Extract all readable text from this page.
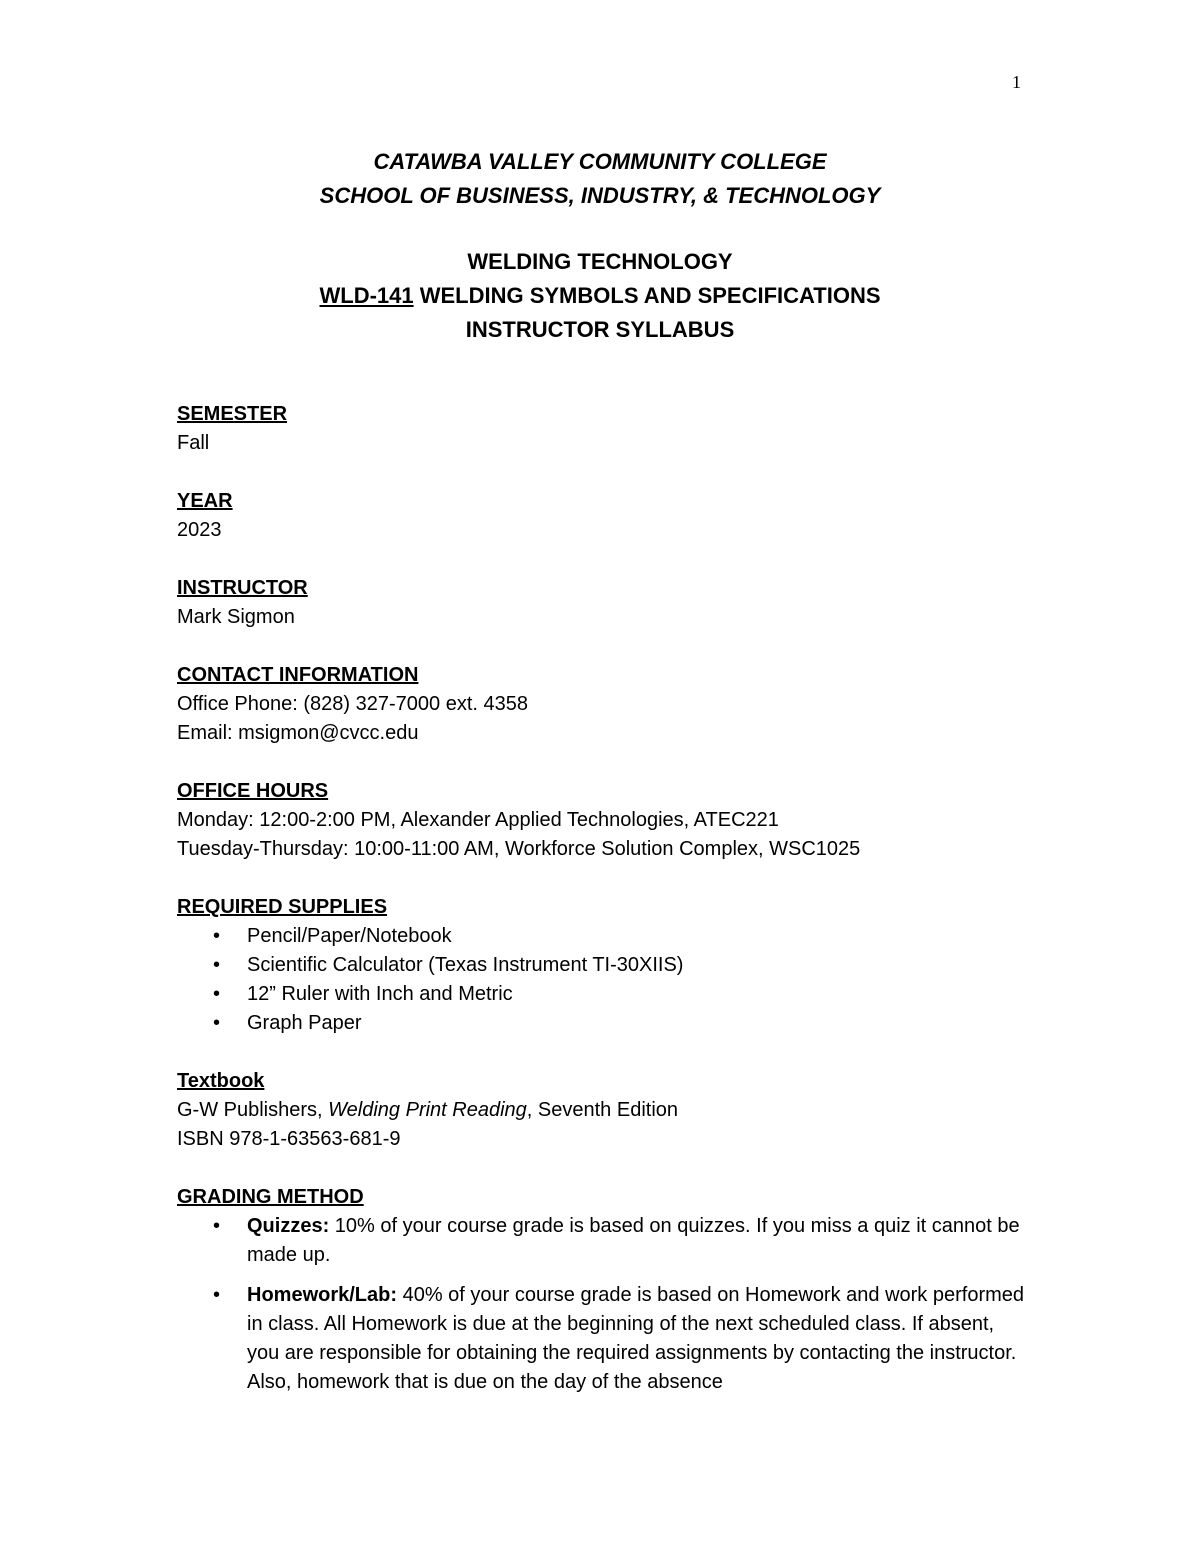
1
CATAWBA VALLEY COMMUNITY COLLEGE
SCHOOL OF BUSINESS, INDUSTRY, & TECHNOLOGY
WELDING TECHNOLOGY
WLD-141 WELDING SYMBOLS AND SPECIFICATIONS
INSTRUCTOR SYLLABUS
SEMESTER
Fall
YEAR
2023
INSTRUCTOR
Mark Sigmon
CONTACT INFORMATION
Office Phone: (828) 327-7000 ext. 4358
Email: msigmon@cvcc.edu
OFFICE HOURS
Monday: 12:00-2:00 PM, Alexander Applied Technologies, ATEC221
Tuesday-Thursday: 10:00-11:00 AM, Workforce Solution Complex, WSC1025
REQUIRED SUPPLIES
• Pencil/Paper/Notebook
• Scientific Calculator (Texas Instrument TI-30XIIS)
• 12” Ruler with Inch and Metric
• Graph Paper
Textbook
G-W Publishers, Welding Print Reading, Seventh Edition
ISBN 978-1-63563-681-9
GRADING METHOD
• Quizzes: 10% of your course grade is based on quizzes. If you miss a quiz it cannot be made up.
• Homework/Lab: 40% of your course grade is based on Homework and work performed in class. All Homework is due at the beginning of the next scheduled class. If absent, you are responsible for obtaining the required assignments by contacting the instructor. Also, homework that is due on the day of the absence
